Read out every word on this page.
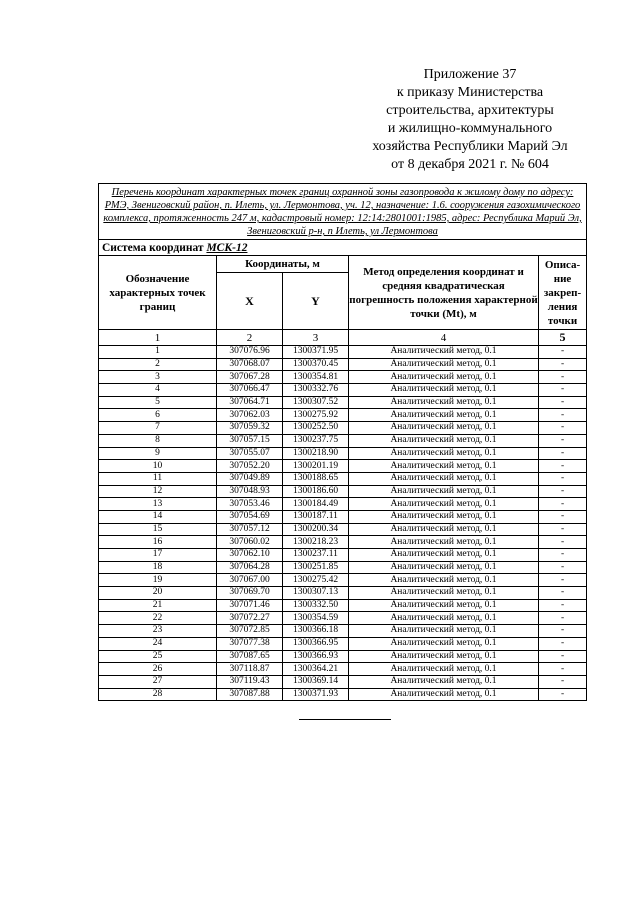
Приложение 37
к приказу Министерства
строительства, архитектуры
и жилищно-коммунального
хозяйства Республики Марий Эл
от 8 декабря 2021 г. № 604
Перечень координат характерных точек границ охранной зоны газопровода к жилому дому по адресу: РМЭ, Звениговский район, п. Илеть, ул. Лермонтова, уч. 12, назначение: 1.6. сооружения газохимического комплекса, протяженность 247 м, кадастровый номер: 12:14:2801001:1985, адрес: Республика Марий Эл, Звениговский р-н, п Илеть, ул Лермонтова				
Система координат МСК-12				
Обозначение характерных точек границ	Координаты, м		Метод определения координат и средняя квадратическая погрешность положения характерной точки (Mt), м	Описа-ние закреп-ления точки
	X	Y		
1	2	3	4	5
1	307076.96	1300371.95	Аналитический метод, 0.1	-
2	307068.07	1300370.45	Аналитический метод, 0.1	-
3	307067.28	1300354.81	Аналитический метод, 0.1	-
4	307066.47	1300332.76	Аналитический метод, 0.1	-
5	307064.71	1300307.52	Аналитический метод, 0.1	-
6	307062.03	1300275.92	Аналитический метод, 0.1	-
7	307059.32	1300252.50	Аналитический метод, 0.1	-
8	307057.15	1300237.75	Аналитический метод, 0.1	-
9	307055.07	1300218.90	Аналитический метод, 0.1	-
10	307052.20	1300201.19	Аналитический метод, 0.1	-
11	307049.89	1300188.65	Аналитический метод, 0.1	-
12	307048.93	1300186.60	Аналитический метод, 0.1	-
13	307053.46	1300184.49	Аналитический метод, 0.1	-
14	307054.69	1300187.11	Аналитический метод, 0.1	-
15	307057.12	1300200.34	Аналитический метод, 0.1	-
16	307060.02	1300218.23	Аналитический метод, 0.1	-
17	307062.10	1300237.11	Аналитический метод, 0.1	-
18	307064.28	1300251.85	Аналитический метод, 0.1	-
19	307067.00	1300275.42	Аналитический метод, 0.1	-
20	307069.70	1300307.13	Аналитический метод, 0.1	-
21	307071.46	1300332.50	Аналитический метод, 0.1	-
22	307072.27	1300354.59	Аналитический метод, 0.1	-
23	307072.85	1300366.18	Аналитический метод, 0.1	-
24	307077.38	1300366.95	Аналитический метод, 0.1	-
25	307087.65	1300366.93	Аналитический метод, 0.1	-
26	307118.87	1300364.21	Аналитический метод, 0.1	-
27	307119.43	1300369.14	Аналитический метод, 0.1	-
28	307087.88	1300371.93	Аналитический метод, 0.1	-
